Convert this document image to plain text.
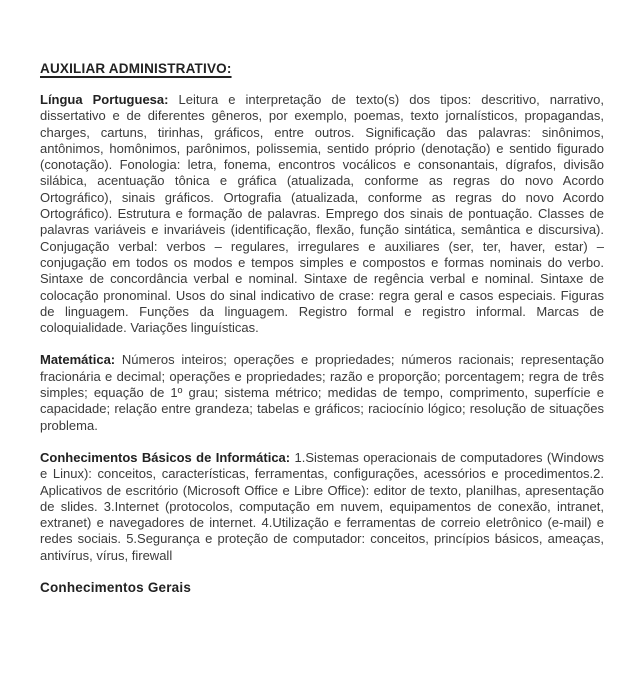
AUXILIAR ADMINISTRATIVO:

Língua Portuguesa: Leitura e interpretação de texto(s) dos tipos: descritivo, narrativo, dissertativo e de diferentes gêneros, por exemplo, poemas, texto jornalísticos, propagandas, charges, cartuns, tirinhas, gráficos, entre outros. Significação das palavras: sinônimos, antônimos, homônimos, parônimos, polissemia, sentido próprio (denotação) e sentido figurado (conotação). Fonologia: letra, fonema, encontros vocálicos e consonantais, dígrafos, divisão silábica, acentuação tônica e gráfica (atualizada, conforme as regras do novo Acordo Ortográfico), sinais gráficos. Ortografia (atualizada, conforme as regras do novo Acordo Ortográfico). Estrutura e formação de palavras. Emprego dos sinais de pontuação. Classes de palavras variáveis e invariáveis (identificação, flexão, função sintática, semântica e discursiva). Conjugação verbal: verbos – regulares, irregulares e auxiliares (ser, ter, haver, estar) – conjugação em todos os modos e tempos simples e compostos e formas nominais do verbo. Sintaxe de concordância verbal e nominal. Sintaxe de regência verbal e nominal. Sintaxe de colocação pronominal. Usos do sinal indicativo de crase: regra geral e casos especiais. Figuras de linguagem. Funções da linguagem. Registro formal e registro informal. Marcas de coloquialidade. Variações linguísticas.

Matemática: Números inteiros; operações e propriedades; números racionais; representação fracionária e decimal; operações e propriedades; razão e proporção; porcentagem; regra de três simples; equação de 1º grau; sistema métrico; medidas de tempo, comprimento, superfície e capacidade; relação entre grandeza; tabelas e gráficos; raciocínio lógico; resolução de situações problema.

Conhecimentos Básicos de Informática: 1.Sistemas operacionais de computadores (Windows e Linux): conceitos, características, ferramentas, configurações, acessórios e procedimentos.2. Aplicativos de escritório (Microsoft Office e Libre Office): editor de texto, planilhas, apresentação de slides. 3.Internet (protocolos, computação em nuvem, equipamentos de conexão, intranet, extranet) e navegadores de internet. 4.Utilização e ferramentas de correio eletrônico (e-mail) e redes sociais. 5.Segurança e proteção de computador: conceitos, princípios básicos, ameaças, antivírus, vírus, firewall

Conhecimentos Gerais
